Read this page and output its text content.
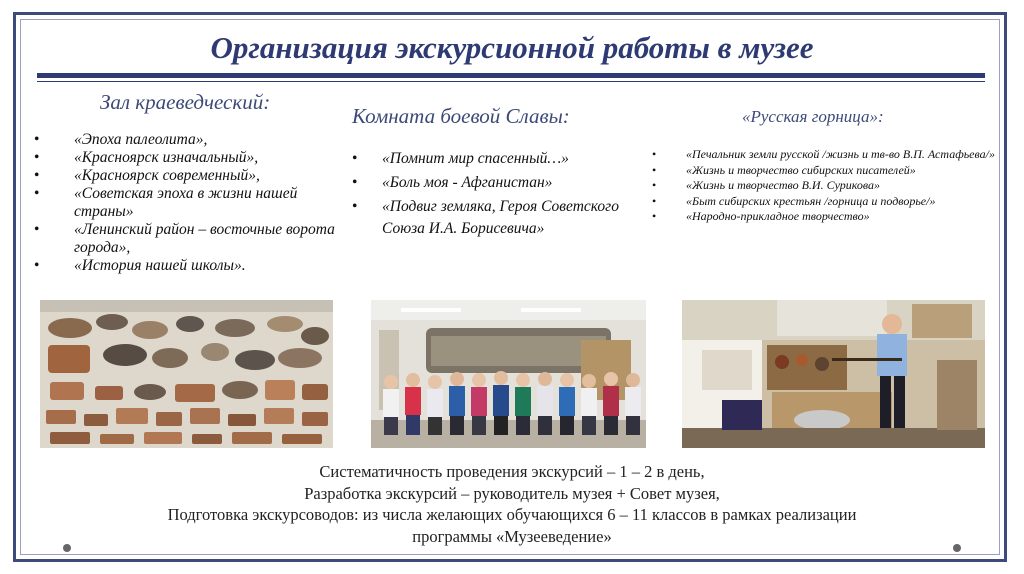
Организация экскурсионной работы в музее
Зал краеведческий:
Комната боевой Славы:	«Русская горница»:
• «Эпоха палеолита»,
• «Красноярск изначальный»,
• «Красноярск современный»,
• «Советская эпоха в жизни нашей страны»
• «Ленинский район – восточные ворота города»,
• «История нашей школы».
• «Помнит мир спасенный…»
• «Боль моя - Афганистан»
• «Подвиг земляка, Героя Советского Союза И.А. Борисевича»
• «Печальник земли русской /жизнь и тв-во В.П. Астафьева/»
• «Жизнь и творчество сибирских писателей»
• «Жизнь и творчество В.И. Сурикова»
• «Быт сибирских крестьян /горница и подворье/»
• «Народно-прикладное творчество»
Систематичность проведения экскурсий – 1 – 2 в день,
Разработка экскурсий – руководитель музея + Совет музея,
Подготовка экскурсоводов: из числа желающих обучающихся 6 – 11 классов в рамках реализации
программы «Музееведение»
